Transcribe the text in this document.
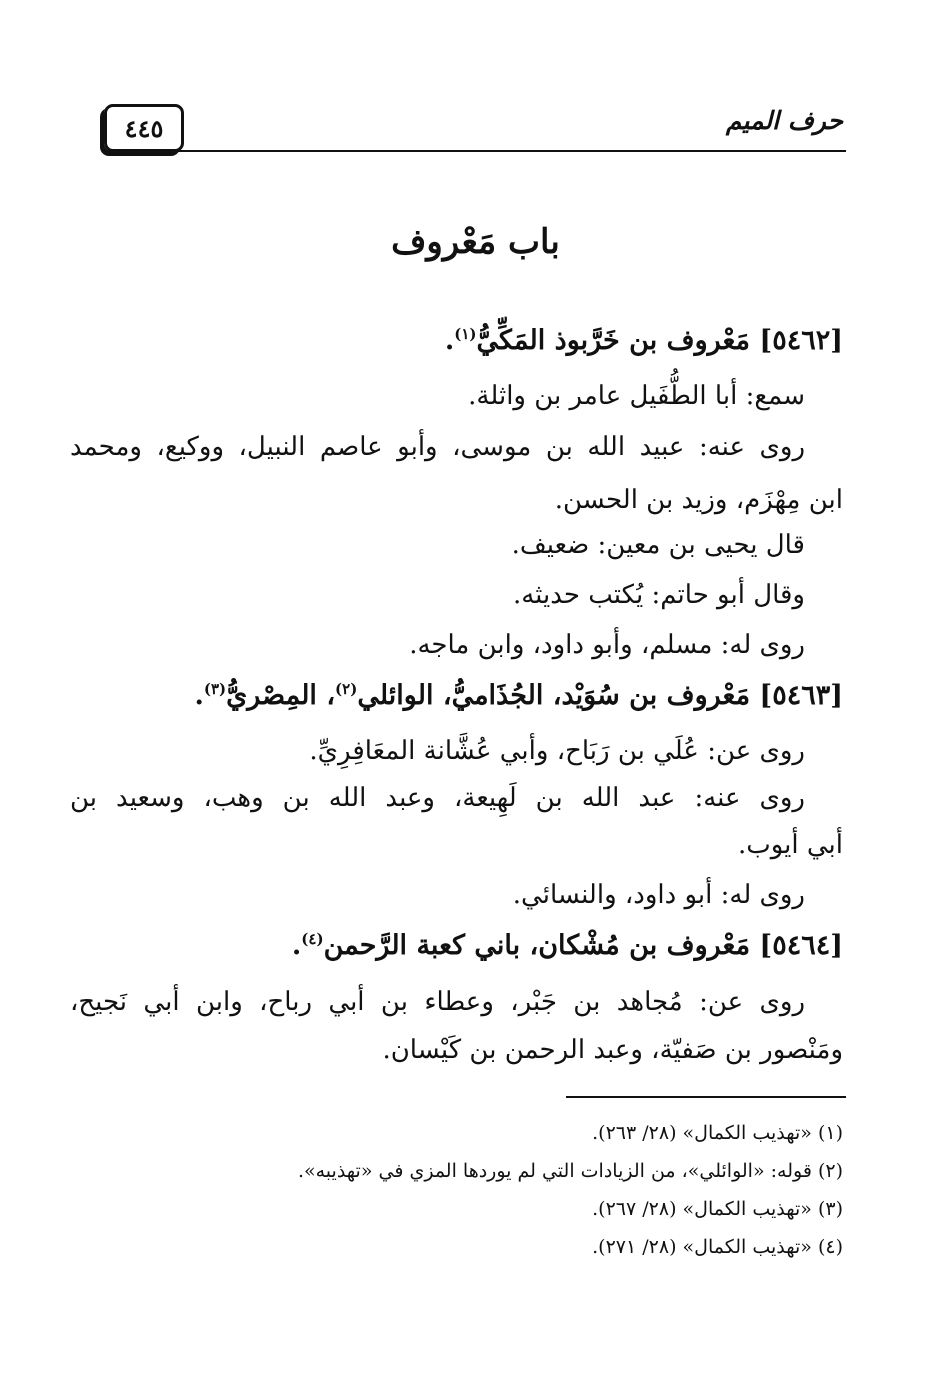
حرف الميم
٤٤٥
باب مَعْروف
[٥٤٦٢] مَعْروف بن خَرَّبوذ المَكِّيُّ$^{(١)}$.
سمع: أبا الطُّفَيل عامر بن واثلة.
روى عنه: عبيد الله بن موسى، وأبو عاصم النبيل، ووكيع، ومحمد
ابن مِهْزَم، وزيد بن الحسن.
قال يحيى بن معين: ضعيف.
وقال أبو حاتم: يُكتب حديثه.
روى له: مسلم، وأبو داود، وابن ماجه.
[٥٤٦٣] مَعْروف بن سُوَيْد، الجُذَاميُّ، الوائلي$^{(٢)}$، المِصْريُّ$^{(٣)}$.
روى عن: عُلَي بن رَبَاح، وأبي عُشَّانة المعَافِرِيِّ.
روى عنه: عبد الله بن لَهِيعة، وعبد الله بن وهب، وسعيد بن
أبي أيوب.
روى له: أبو داود، والنسائي.
[٥٤٦٤] مَعْروف بن مُشْكان، باني كعبة الرَّحمن$^{(٤)}$.
روى عن: مُجاهد بن جَبْر، وعطاء بن أبي رباح، وابن أبي نَجيح،
ومَنْصور بن صَفيّة، وعبد الرحمن بن كَيْسان.
(١) «تهذيب الكمال» (٢٨/ ٢٦٣).
(٢) قوله: «الوائلي»، من الزيادات التي لم يوردها المزي في «تهذيبه».
(٣) «تهذيب الكمال» (٢٨/ ٢٦٧).
(٤) «تهذيب الكمال» (٢٨/ ٢٧١).
